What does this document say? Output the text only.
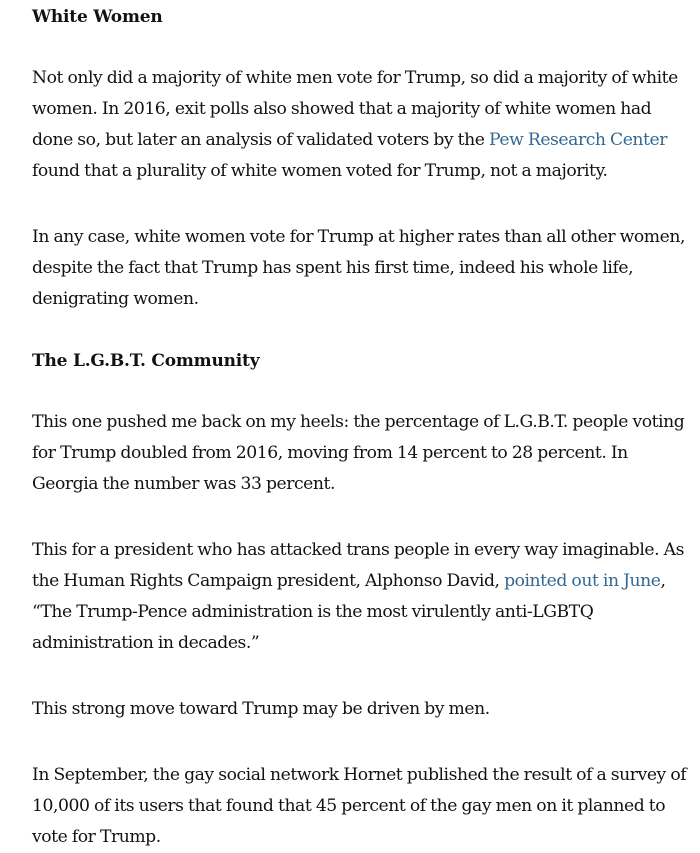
White Women

Not only did a majority of white men vote for Trump, so did a majority of white women. In 2016, exit polls also showed that a majority of white women had done so, but later an analysis of validated voters by the Pew Research Center found that a plurality of white women voted for Trump, not a majority.

In any case, white women vote for Trump at higher rates than all other women, despite the fact that Trump has spent his first time, indeed his whole life, denigrating women.

The L.G.B.T. Community

This one pushed me back on my heels: the percentage of L.G.B.T. people voting for Trump doubled from 2016, moving from 14 percent to 28 percent. In Georgia the number was 33 percent.

This for a president who has attacked trans people in every way imaginable. As the Human Rights Campaign president, Alphonso David, pointed out in June, “The Trump-Pence administration is the most virulently anti-LGBTQ administration in decades.”

This strong move toward Trump may be driven by men.

In September, the gay social network Hornet published the result of a survey of 10,000 of its users that found that 45 percent of the gay men on it planned to vote for Trump.
